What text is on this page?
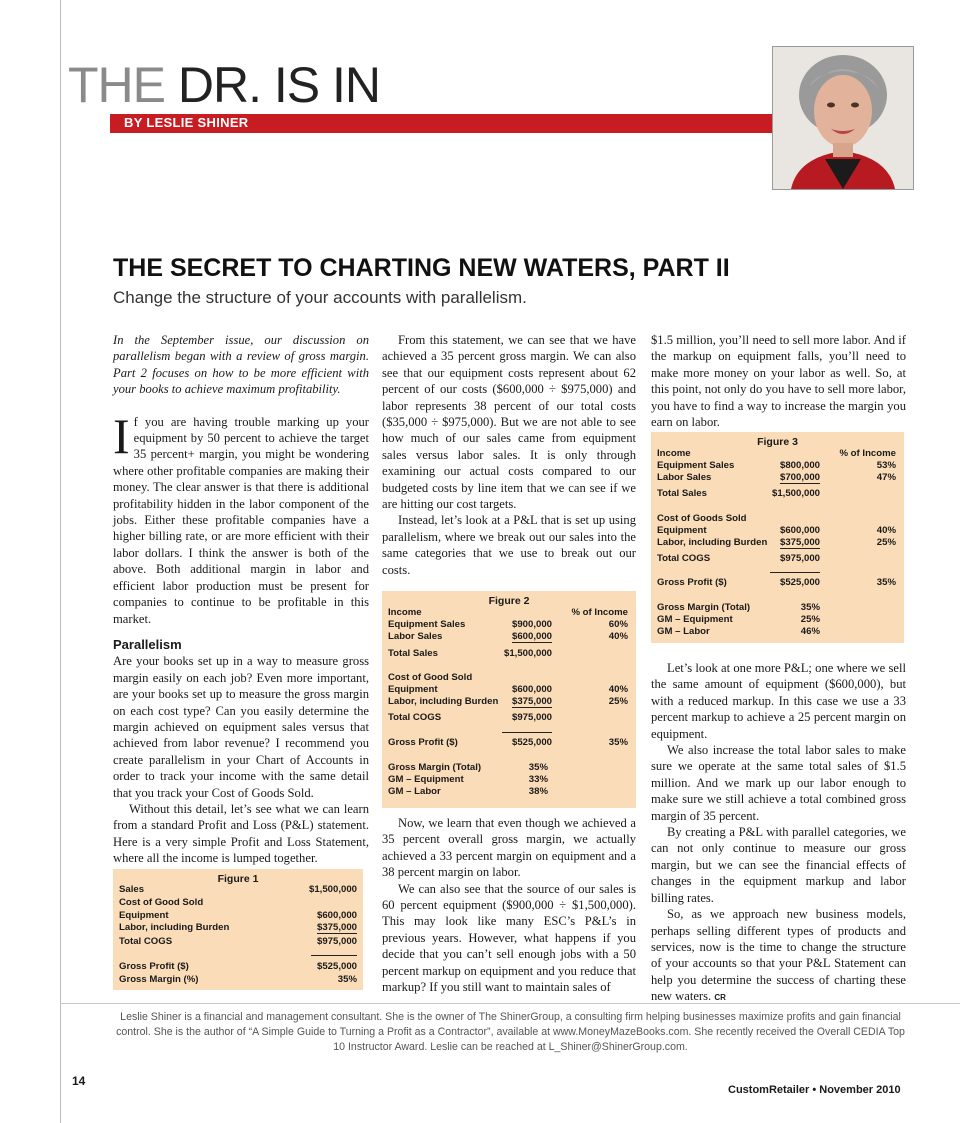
THE DR. IS IN
BY LESLIE SHINER
THE SECRET TO CHARTING NEW WATERS, PART II
Change the structure of your accounts with parallelism.

In the September issue, our discussion on parallelism began with a review of gross margin. Part 2 focuses on how to be more efficient with your books to achieve maximum profitability.

If you are having trouble marking up your equipment by 50 percent to achieve the target 35 percent+ margin, you might be wondering where other profitable companies are making their money. The clear answer is that there is additional profitability hidden in the labor component of the jobs. Either these profitable companies have a higher billing rate, or are more efficient with their labor dollars. I think the answer is both of the above. Both additional margin in labor and efficient labor production must be present for companies to continue to be profitable in this market.

Parallelism

Are your books set up in a way to measure gross margin easily on each job? Even more important, are your books set up to measure the gross margin on each cost type? Can you easily determine the margin achieved on equipment sales versus that achieved from labor revenue? I recommend you create parallelism in your Chart of Accounts in order to track your income with the same detail that you track your Cost of Goods Sold.

Without this detail, let’s see what we can learn from a standard Profit and Loss (P&L) statement. Here is a very simple Profit and Loss Statement, where all the income is lumped together.

Figure 1
Sales	$1,500,000
Cost of Good Sold
Equipment	$600,000
Labor, including Burden	$375,000
Total COGS	$975,000
Gross Profit ($)	$525,000
Gross Margin (%)	35%

From this statement, we can see that we have achieved a 35 percent gross margin. We can also see that our equipment costs represent about 62 percent of our costs ($600,000 ÷ $975,000) and labor represents 38 percent of our total costs ($35,000 ÷ $975,000). But we are not able to see how much of our sales came from equipment sales versus labor sales. It is only through examining our actual costs compared to our budgeted costs by line item that we can see if we are hitting our cost targets.

Instead, let’s look at a P&L that is set up using parallelism, where we break out our sales into the same categories that we use to break out our costs.

Figure 2
Income	% of Income
Equipment Sales	$900,000	60%
Labor Sales	$600,000	40%
Total Sales	$1,500,000
Cost of Good Sold
Equipment	$600,000	40%
Labor, including Burden $375,000	25%
Total COGS	$975,000
Gross Profit ($)	$525,000	35%
Gross Margin (Total)	35%
GM – Equipment	33%
GM – Labor	38%

Now, we learn that even though we achieved a 35 percent overall gross margin, we actually achieved a 33 percent margin on equipment and a 38 percent margin on labor.

We can also see that the source of our sales is 60 percent equipment ($900,000 ÷ $1,500,000). This may look like many ESC’s P&L’s in previous years. However, what happens if you decide that you can’t sell enough jobs with a 50 percent markup on equipment and you reduce that markup? If you still want to maintain sales of

$1.5 million, you’ll need to sell more labor. And if the markup on equipment falls, you’ll need to make more money on your labor as well. So, at this point, not only do you have to sell more labor, you have to find a way to increase the margin you earn on labor.

Figure 3
Income	% of Income
Equipment Sales	$800,000	53%
Labor Sales	$700,000	47%
Total Sales	$1,500,000
Cost of Goods Sold
Equipment	$600,000	40%
Labor, including Burden $375,000	25%
Total COGS	$975,000
Gross Profit ($)	$525,000	35%
Gross Margin (Total)	35%
GM – Equipment	25%
GM – Labor	46%

Let’s look at one more P&L; one where we sell the same amount of equipment ($600,000), but with a reduced markup. In this case we use a 33 percent markup to achieve a 25 percent margin on equipment.

We also increase the total labor sales to make sure we operate at the same total sales of $1.5 million. And we mark up our labor enough to make sure we still achieve a total combined gross margin of 35 percent.

By creating a P&L with parallel categories, we can not only continue to measure our gross margin, but we can see the financial effects of changes in the equipment markup and labor billing rates.

So, as we approach new business models, perhaps selling different types of products and services, now is the time to change the structure of your accounts so that your P&L Statement can help you determine the success of charting these new waters. CR

Leslie Shiner is a financial and management consultant. She is the owner of The ShinerGroup, a consulting firm helping businesses maximize profits and gain financial control. She is the author of “A Simple Guide to Turning a Profit as a Contractor”, available at www.MoneyMazeBooks.com. She recently received the Overall CEDIA Top 10 Instructor Award. Leslie can be reached at L_Shiner@ShinerGroup.com.
14
CustomRetailer • November 2010
